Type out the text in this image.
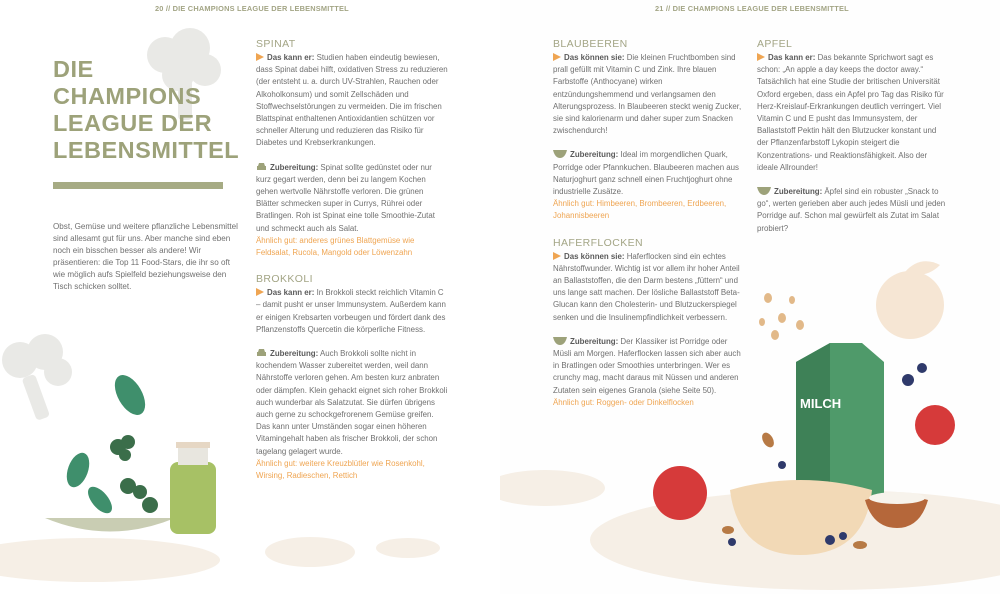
20 // DIE CHAMPIONS LEAGUE DER LEBENSMITTEL
DIE
CHAMPIONS
LEAGUE DER
LEBENSMITTEL
Obst, Gemüse und weitere pflanzliche Lebensmittel sind allesamt gut für uns. Aber manche sind eben noch ein bisschen besser als andere! Wir präsentieren: die Top 11 Food-Stars, die ihr so oft wie möglich aufs Spielfeld beziehungsweise den Tisch schicken solltet.
SPINAT

Das kann er: Studien haben eindeutig bewiesen, dass Spinat dabei hilft, oxidativen Stress zu reduzieren (der entsteht u. a. durch UV-Strahlen, Rauchen oder Alkoholkonsum) und somit Zellschäden und Stoffwechselstörungen zu vermeiden. Die im frischen Blattspinat enthaltenen Antioxidantien schützen vor schneller Alterung und reduzieren das Risiko für Diabetes und Krebserkrankungen.

Zubereitung: Spinat sollte gedünstet oder nur kurz gegart werden, denn bei zu langem Kochen gehen wertvolle Nährstoffe verloren. Die grünen Blätter schmecken super in Currys, Rührei oder Bratlingen. Roh ist Spinat eine tolle Smoothie-Zutat und schmeckt auch als Salat.

Ähnlich gut: anderes grünes Blattgemüse wie Feldsalat, Rucola, Mangold oder Löwenzahn

BROKKOLI

Das kann er: In Brokkoli steckt reichlich Vitamin C – damit pusht er unser Immunsystem. Außerdem kann er einigen Krebsarten vorbeugen und fördert dank des Pflanzenstoffs Quercetin die körperliche Fitness.

Zubereitung: Auch Brokkoli sollte nicht in kochendem Wasser zubereitet werden, weil dann Nährstoffe verloren gehen. Am besten kurz anbraten oder dämpfen. Klein gehackt eignet sich roher Brokkoli auch wunderbar als Salatzutat. Sie dürfen übrigens auch gerne zu schockgefrorenem Gemüse greifen. Das kann unter Umständen sogar einen höheren Vitamingehalt haben als frischer Brokkoli, der schon tagelang gelagert wurde.

Ähnlich gut: weitere Kreuzblütler wie Rosenkohl, Wirsing, Radieschen, Rettich

MILCH
21 // DIE CHAMPIONS LEAGUE DER LEBENSMITTEL
BLAUBEEREN

Das können sie: Die kleinen Fruchtbomben sind prall gefüllt mit Vitamin C und Zink. Ihre blauen Farbstoffe (Anthocyane) wirken entzündungshemmend und verlangsamen den Alterungsprozess. In Blaubeeren steckt wenig Zucker, sie sind kalorienarm und daher super zum Snacken zwischendurch!

Zubereitung: Ideal im morgendlichen Quark, Porridge oder Pfannkuchen. Blaubeeren machen aus Naturjoghurt ganz schnell einen Fruchtjoghurt ohne industrielle Zusätze.

Ähnlich gut: Himbeeren, Brombeeren, Erdbeeren, Johannisbeeren

HAFERFLOCKEN

Das können sie: Haferflocken sind ein echtes Nährstoffwunder. Wichtig ist vor allem ihr hoher Anteil an Ballaststoffen, die den Darm bestens „füttern“ und uns lange satt machen. Der lösliche Ballaststoff Beta-Glucan kann den Cholesterin- und Blutzuckerspiegel senken und die Insulinempfindlichkeit verbessern.

Zubereitung: Der Klassiker ist Porridge oder Müsli am Morgen. Haferflocken lassen sich aber auch in Bratlingen oder Smoothies unterbringen. Wer es crunchy mag, macht daraus mit Nüssen und anderen Zutaten sein eigenes Granola (siehe Seite 50).

Ähnlich gut: Roggen- oder Dinkelflocken

APFEL

Das kann er: Das bekannte Sprichwort sagt es schon: „An apple a day keeps the doctor away.“ Tatsächlich hat eine Studie der britischen Universität Oxford ergeben, dass ein Apfel pro Tag das Risiko für Herz-Kreislauf-Erkrankungen deutlich verringert. Viel Vitamin C und E pusht das Immunsystem, der Ballaststoff Pektin hält den Blutzucker konstant und der Pflanzenfarbstoff Lykopin steigert die Konzentrations- und Reaktionsfähigkeit. Also der ideale Allrounder!

Zubereitung: Äpfel sind ein robuster „Snack to go“, werten gerieben aber auch jedes Müsli und jeden Porridge auf. Schon mal gewürfelt als Zutat im Salat probiert?
